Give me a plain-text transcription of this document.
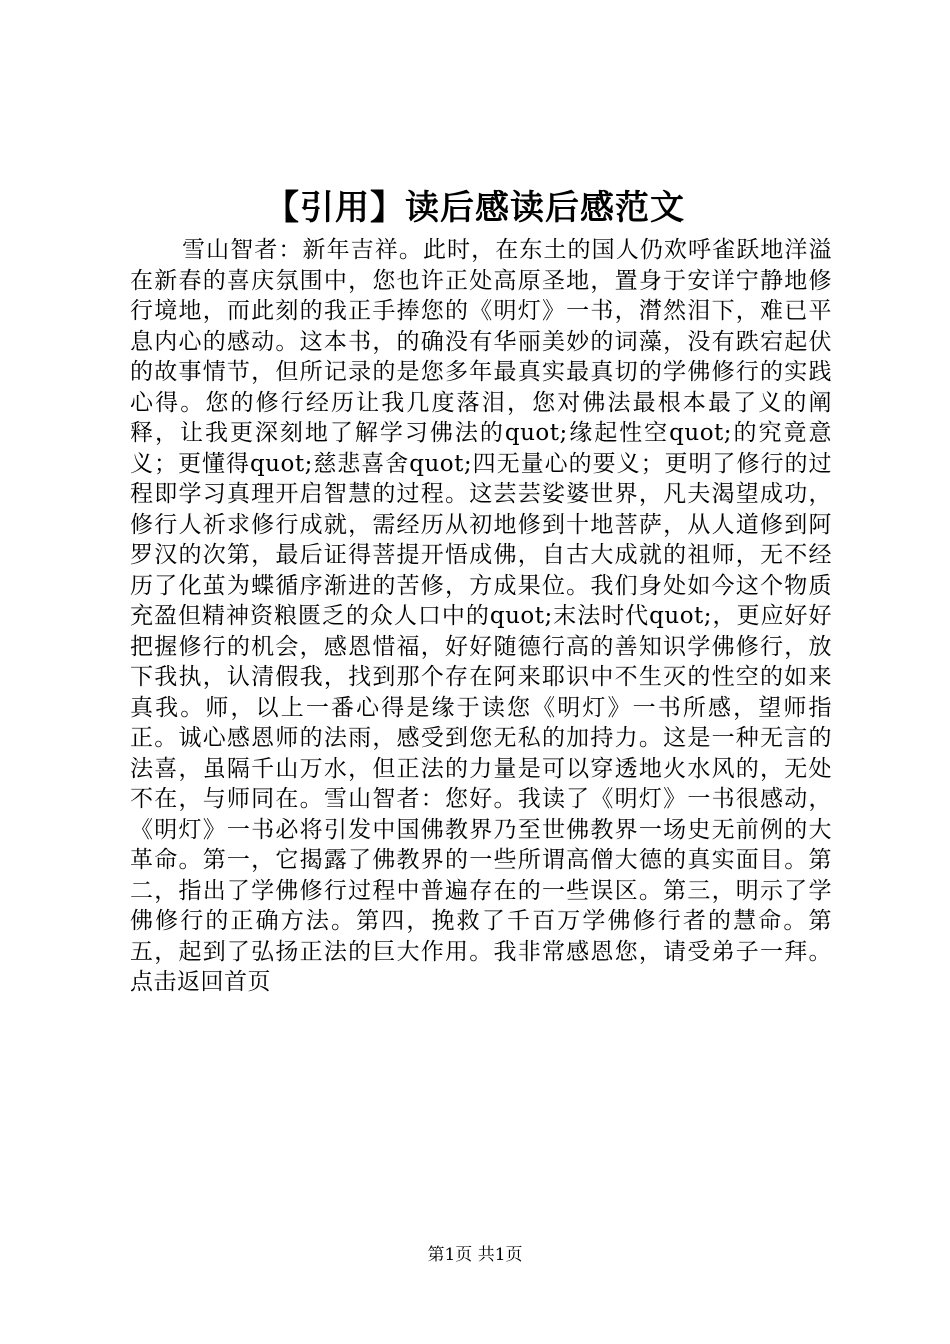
【引用】读后感读后感范文

雪山智者：新年吉祥。此时，在东土的国人仍欢呼雀跃地洋溢在新春的喜庆氛围中，您也许正处高原圣地，置身于安详宁静地修行境地，而此刻的我正手捧您的《明灯》一书，潸然泪下，难已平息内心的感动。这本书，的确没有华丽美妙的词藻，没有跌宕起伏的故事情节，但所记录的是您多年最真实最真切的学佛修行的实践心得。您的修行经历让我几度落泪，您对佛法最根本最了义的阐释，让我更深刻地了解学习佛法的quot;缘起性空quot;的究竟意义；更懂得quot;慈悲喜舍quot;四无量心的要义；更明了修行的过程即学习真理开启智慧的过程。这芸芸娑婆世界，凡夫渴望成功，修行人祈求修行成就，需经历从初地修到十地菩萨，从人道修到阿罗汉的次第，最后证得菩提开悟成佛，自古大成就的祖师，无不经历了化茧为蝶循序渐进的苦修，方成果位。我们身处如今这个物质充盈但精神资粮匮乏的众人口中的quot;末法时代quot;，更应好好把握修行的机会，感恩惜福，好好随德行高的善知识学佛修行，放下我执，认清假我，找到那个存在阿来耶识中不生灭的性空的如来真我。师，以上一番心得是缘于读您《明灯》一书所感，望师指正。诚心感恩师的法雨，感受到您无私的加持力。这是一种无言的法喜，虽隔千山万水，但正法的力量是可以穿透地火水风的，无处不在，与师同在。雪山智者：您好。我读了《明灯》一书很感动，《明灯》一书必将引发中国佛教界乃至世佛教界一场史无前例的大革命。第一，它揭露了佛教界的一些所谓高僧大德的真实面目。第二，指出了学佛修行过程中普遍存在的一些误区。第三，明示了学佛修行的正确方法。第四，挽救了千百万学佛修行者的慧命。第五，起到了弘扬正法的巨大作用。我非常感恩您，请受弟子一拜。点击返回首页

第1页 共1页
